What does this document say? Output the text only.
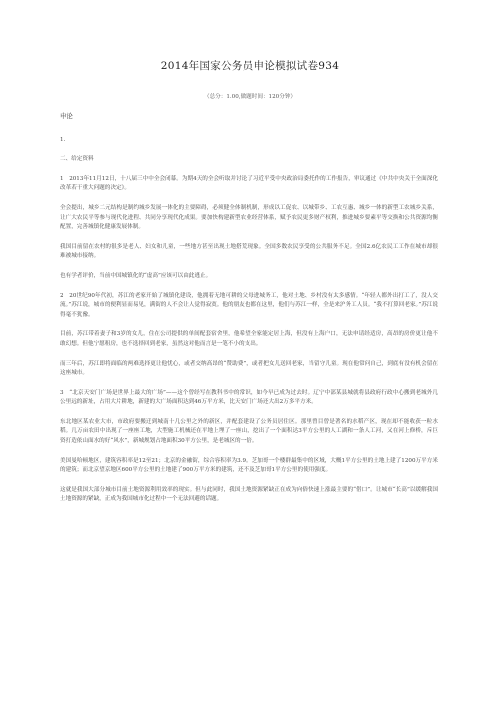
2014年国家公务员申论模拟试卷934
（总分：1.00,做题时间：120分钟）

申论

1.

二、给定资料

1　2013年11月12日，十八届三中中全会闭幕。为期4天的全会听取并讨论了习近平受中央政治局委托作的工作报告，审议通过《中共中央关于全面深化改革若干重大问题的决定》。

全会提出，城乡二元结构是制约城乡发展一体化的主要障碍，必须健全体制机制，形成以工促农、以城带乡、工农互惠、城乡一体的新型工农城乡关系，让广大农民平等参与现代化进程、共同分享现代化成果。要加快构建新型农业经营体系，赋予农民更多财产权利，推进城乡要素平等交换和公共资源均衡配置，完善城镇化健康发展体制。

我国目前留在农村的很多是老人、妇女和儿童，一些地方甚至出现土地搭荒现象。全国多数农民享受的公共服务不足。全国2.6亿农民工工作在城市却很难被城市接纳。

也有学者评价，当前中国城镇化的“虚高”应该可以由此逃止。

2　20世纪90年代初，苏江的老家开始了城镇化建设，他拥着无地可耕的父母进城务工，他对土地、乡村没有太多感情。“年轻人都外出打工了，没人交流。”苏江说，城市的便利显而易见，满街的人不会让人觉得寂寞。他的朋友也都在这里，他们与苏江一样，全是来沪务工人员。“我不打算回老家。”苏江说得毫不犹豫。

目前，苏江带着妻子和3岁的女儿，住在公司提供的单间配套宿舍里，他希望全家能定居上海，但没有上海户口，无法申请经适房，高昂的房价更让他不敢幻想。但他宁愿租房，也不选择回到老家，虽然这对他而言是一笔不小的支出。

而三年后，苏江即将面临的两难选择更让他忧心，或者交纳高昂的“赞助费”，或者把女儿送回老家，当留守儿童。现在他常问自己，到底有没有机会留在这座城市。

3　“北京天安门广场是世界上最大的广场”——这个曾经写在教科书中的常识，如今早已成为过去时。辽宁中部某县城就将县政府行政中心搬到老城外几公里远的新址，占用大片耕地，新建的大广场面积达到46万平方米，比天安门广场还大出2万多平方米。

东北地区某农业大市，市政府要搬迁到城南十几公里之外的新区，并配套建设了公务员居住区。那里曾目曾是著名的水稻产区，现在却不能收获一粒水稻。几万亩农田中出现了一座座工地，大型施工机械还在平地上埋了一座山，挖出了一个面积达3平方公里的人工湖和一条人工河，又在河上修桥，斥巨资打造依山面水的好“风水”，新城规划占地面积30平方公里，是老城区的一倍。

美国曼哈顿地区，建筑容积率是12至21；北京的金融街，综合容积率为3.9。芝加哥一个楼群最集中的区域，大概1平方公里的土地上建了1200万平方米的建筑；而北京望京地区600平方公里的土地建了900万平方米的建筑，还不及芝加哥1平方公里的使用强度。

这就是我国大部分城市目前土地资源利用效率的现实。但与此同时，我国土地资源紧缺正在成为向俗快速上涨最主要的“借口”。让城市“长高”以缓解我国土地资源的紧缺，正成为我国城市化过程中一个无法回避的话题。
